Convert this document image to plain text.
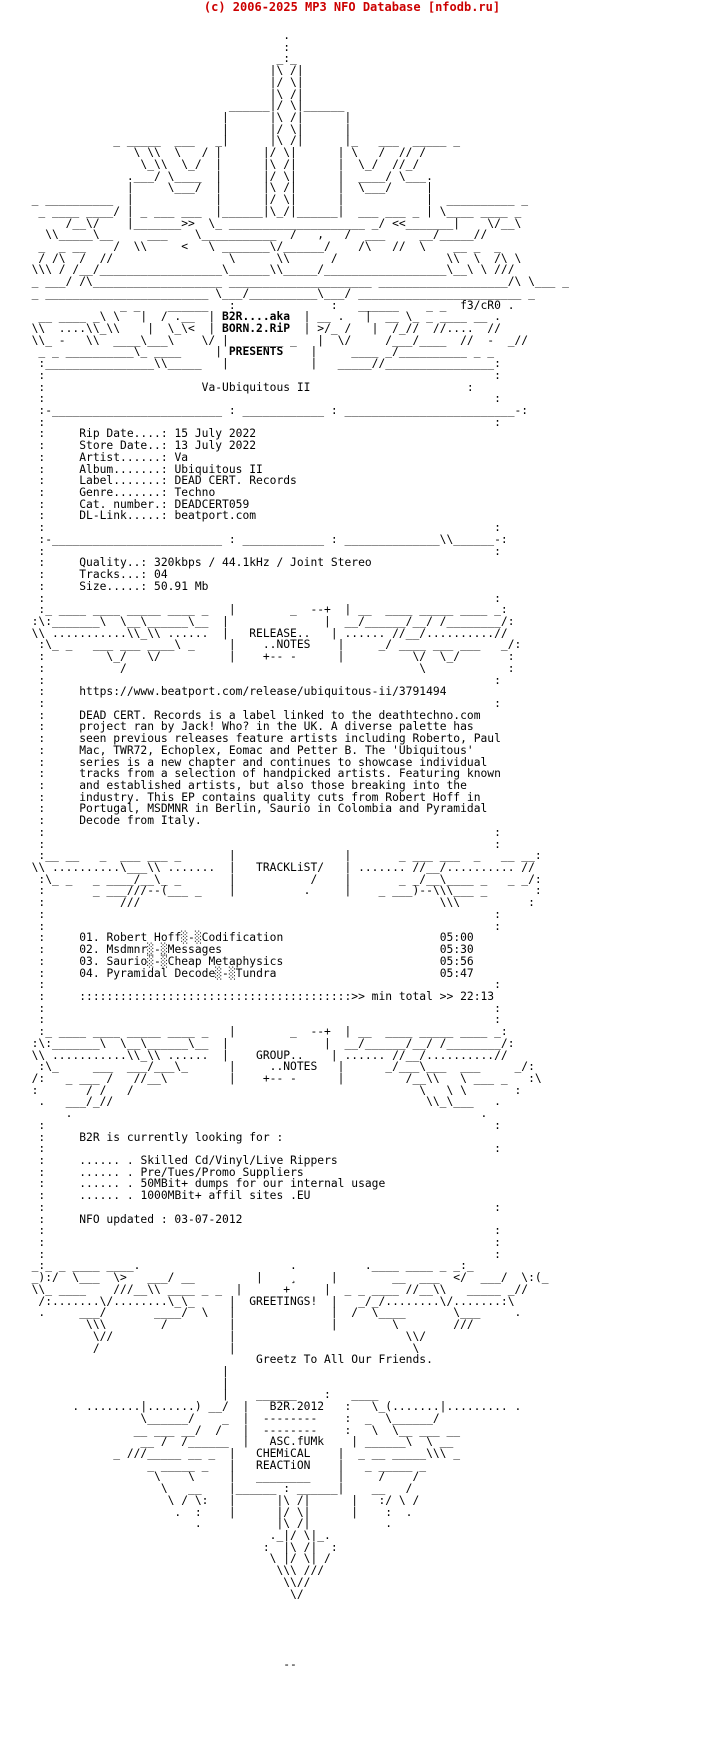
(c) 2006-2025 MP3 NFO Database [nfodb.ru]
.
:
_:_
|\ /|
|/ \|
|\ /|
______|/ \|______
|      |\ /|      |
|      |/ \|      |
_ _____  ___   _|      |\ /|      |_   ___  _____ _
\ \\  \   / |      |/ \|      | \   /  // /
\_\\  \_/  |      |\ /|      |  \_/  //_/
.___/ \____  |      |/ \|      |  ____/ \___.
|     \___/  |      |\ /|      |  \___/     |
_ __________  |            |      |/ \|      |            |  __________ _
_ ____ ____/ | _ ___ ___  |______|\_/|______|  ___ ___ _ | \____ ____ _
/__\/    |_______>>  \_ ____________________ _/ <<_______|    \/__\
\\_____\__     ___    \___________  /   ,   /  ___     __/_____//
_  _ __    /  \\     <   \ _______\/______/    /\   //  \    __ _  _
/ /\  /  //                 \      \\      /                \\  \  /\ \
\\\ / /__/__________________\______\\_____/__________________\__\ \ ///
_ ___/ /\___________________ _____________________ ___________________/\ \___ _
_ ________________________ \___/__________\___/ ________________________ _
_ _    ______   :              :   ______    _ _  f3/cR0 .
__ ____ _\ \   |  / .__  | B2R....aka  | __ .   |  __ \_ _ ____ __ .
\\  ....\\_\\    |  \_\<  | BORN.2.RiP  | >/_ /   |  /_//  //....  //
\\_ -   \\  ____\___\    \/ |  _ ____ _   |  \/     /___/____  //  -  _//
_ _ __________\_ ____     | PRESENTS    |     ____ _/__________ _ _
:________________\\_____   |            |   _____//________________:
:                                                                  :
:	Va-Ubiquitous II	:
:                                                                  :
:-_________________________ : ____________ : _________________________-:
:                                                                  :
:     Rip Date....: 15 July 2022
:     Store Date..: 13 July 2022
:     Artist......: Va
:     Album.......: Ubiquitous II
:     Label.......: DEAD CERT. Records
:     Genre.......: Techno
:     Cat. number.: DEADCERT059
:     DL-Link.....: beatport.com
:                                                                  :
:-_________________________ : ____________ : ______________\\______-:
:                                                                  :
:     Quality..: 320kbps / 44.1kHz / Joint Stereo
:     Tracks...: 04
:     Size.....: 50.91 Mb
:                                                                  :
:_ ____ ____ _____ ____ _   |        _  --+  | __  ____ _____ ____ _:
:\:_______\  \__\______\__  |              |  __/______/__/ /________/:
\\ ...........\\_\\ ......  |   RELEASE..   | ...... //__/..........//
:\_ _   ___ ___ ____\ _     |    ..NOTES    |     _/ ____ ___ ___   _/:
:         \_/   \/          |    +-- -      |          \/  \_/       :
:           /                                           \            :
:                                                                  :
:	https://www.beatport.com/release/ubiquitous-ii/3791494
:                                                                  :
:	DEAD CERT. Records is a label linked to the deathtechno.com
:	project ran by Jack! Who? in the UK. A diverse palette has
:	seen previous releases feature artists including Roberto, Paul
:	Mac, TWR72, Echoplex, Eomac and Petter B. The 'Ubiquitous'
:	series is a new chapter and continues to showcase individual
:	tracks from a selection of handpicked artists. Featuring known
:	and established artists, but also those breaking into the
:	industry. This EP contains quality cuts from Robert Hoff in
:	Portugal, MSDMNR in Berlin, Saurio in Colombia and Pyramidal
:	Decode from Italy.
:                                                                  :
:                                                                  :
:__ __   _  ___ ___ _       |                |       _ ___ ___  _   __ __:
\\ ..........\___\\ .......  |   TRACKLiST/   | ....... //__/.......... //
:\_ _   _ ____/__\_ _       |           /    |       _ _/__\____ _   _ _/:
:       _ ___///--(___ _    |          .     |    _ ___)--\\\___ _       :
:           ///                                            \\\          :
:                                                                  :
:                                                                  :
:	01. Robert Hoff░-░Codification	05:00
:	02. Msdmnr░-░Messages	05:30
:	03. Saurio░-░Cheap Metaphysics	05:56
:	04. Pyramidal Decode░-░Tundra	05:47
:                                                                  :
:     ::::::::::::::::::::::::::::::::::::::::>> min total >> 22:13
:                                                                  :
:                                                                  :
:_ ____ ____ _____ ____ _   |        _  --+  | __  ____ _____ ____ _:
:\:_______\  \__\______\__  |              |  __/______/__/ /________/:
\\ ...........\\_\\ ......  |    GROUP..    | ...... //__/..........//
:\_     ___  ___/___\_      |     ..NOTES   |      _/___\___  ___     _/:
/:   _ ___ /   //__\         |    +-- -      |         /__\\   \ ___ _   :\
:       / /   /                                          \   \ \       :
.   ___/_//                                              \\_\___   .
.                                                            .
:                                                                  :
:	B2R is currently looking for :
:                                                                  :
:     ...... . Skilled Cd/Vinyl/Live Rippers
:     ...... . Pre/Tues/Promo Suppliers
:     ...... . 50MBit+ dumps for our internal usage
:     ...... . 1000MBit+ affil sites .EU
:                                                                  :
:	NFO updated : 03-07-2012
:                                                                  :
:                                                                  :
:                                                                  :
_:_ _ ____ ____.                      .          .____ ____ _ _:_
_):/  \___  \>   ___/ __         |    ¸     |        __  ___  </  ___/  \:(_
\\_ ____    ///__\\ ____ _ _  |      +     |  _ _ ____ //__\\   _____ _//
/:.......\/........\_\_     |  GREETINGS!  |   _/_/........\/.......:\
.     ___/       ____/  \   |              |  /  \____       \___     .
\\\        /         |              |        \        ///
\//                 |                         \\/
/                   |                          \
Greetz To All Our Friends.
|
|
|    ______    :   ____
. ........|.......) __/  |   B2R.2012   :   \_(.......|......... .
\______/    _  |  --------    :  _  \______/
__ ___ __/  /   |  --------    :   \  \__ ___ __
__ /  /______  |   ASC.fUMk    | ______\  \ __
_ ///_____ __ _  |   CHEMiCAL    |  _ __ _____\\\ _
_ _____ _   |   REACTiON    |   _ _____ _
\    \     |   ________    |     /    /
\   __    |______ : ______|    __   /
\ / \:   |      |\ /|      |   :/ \ /
.  :    |      |/ \|      |    :  .
.           |\ /|           .
._|/ \|_.
:  |\ /|  :
\ |/ \| /
\\\ ///
\\//
\/

--
